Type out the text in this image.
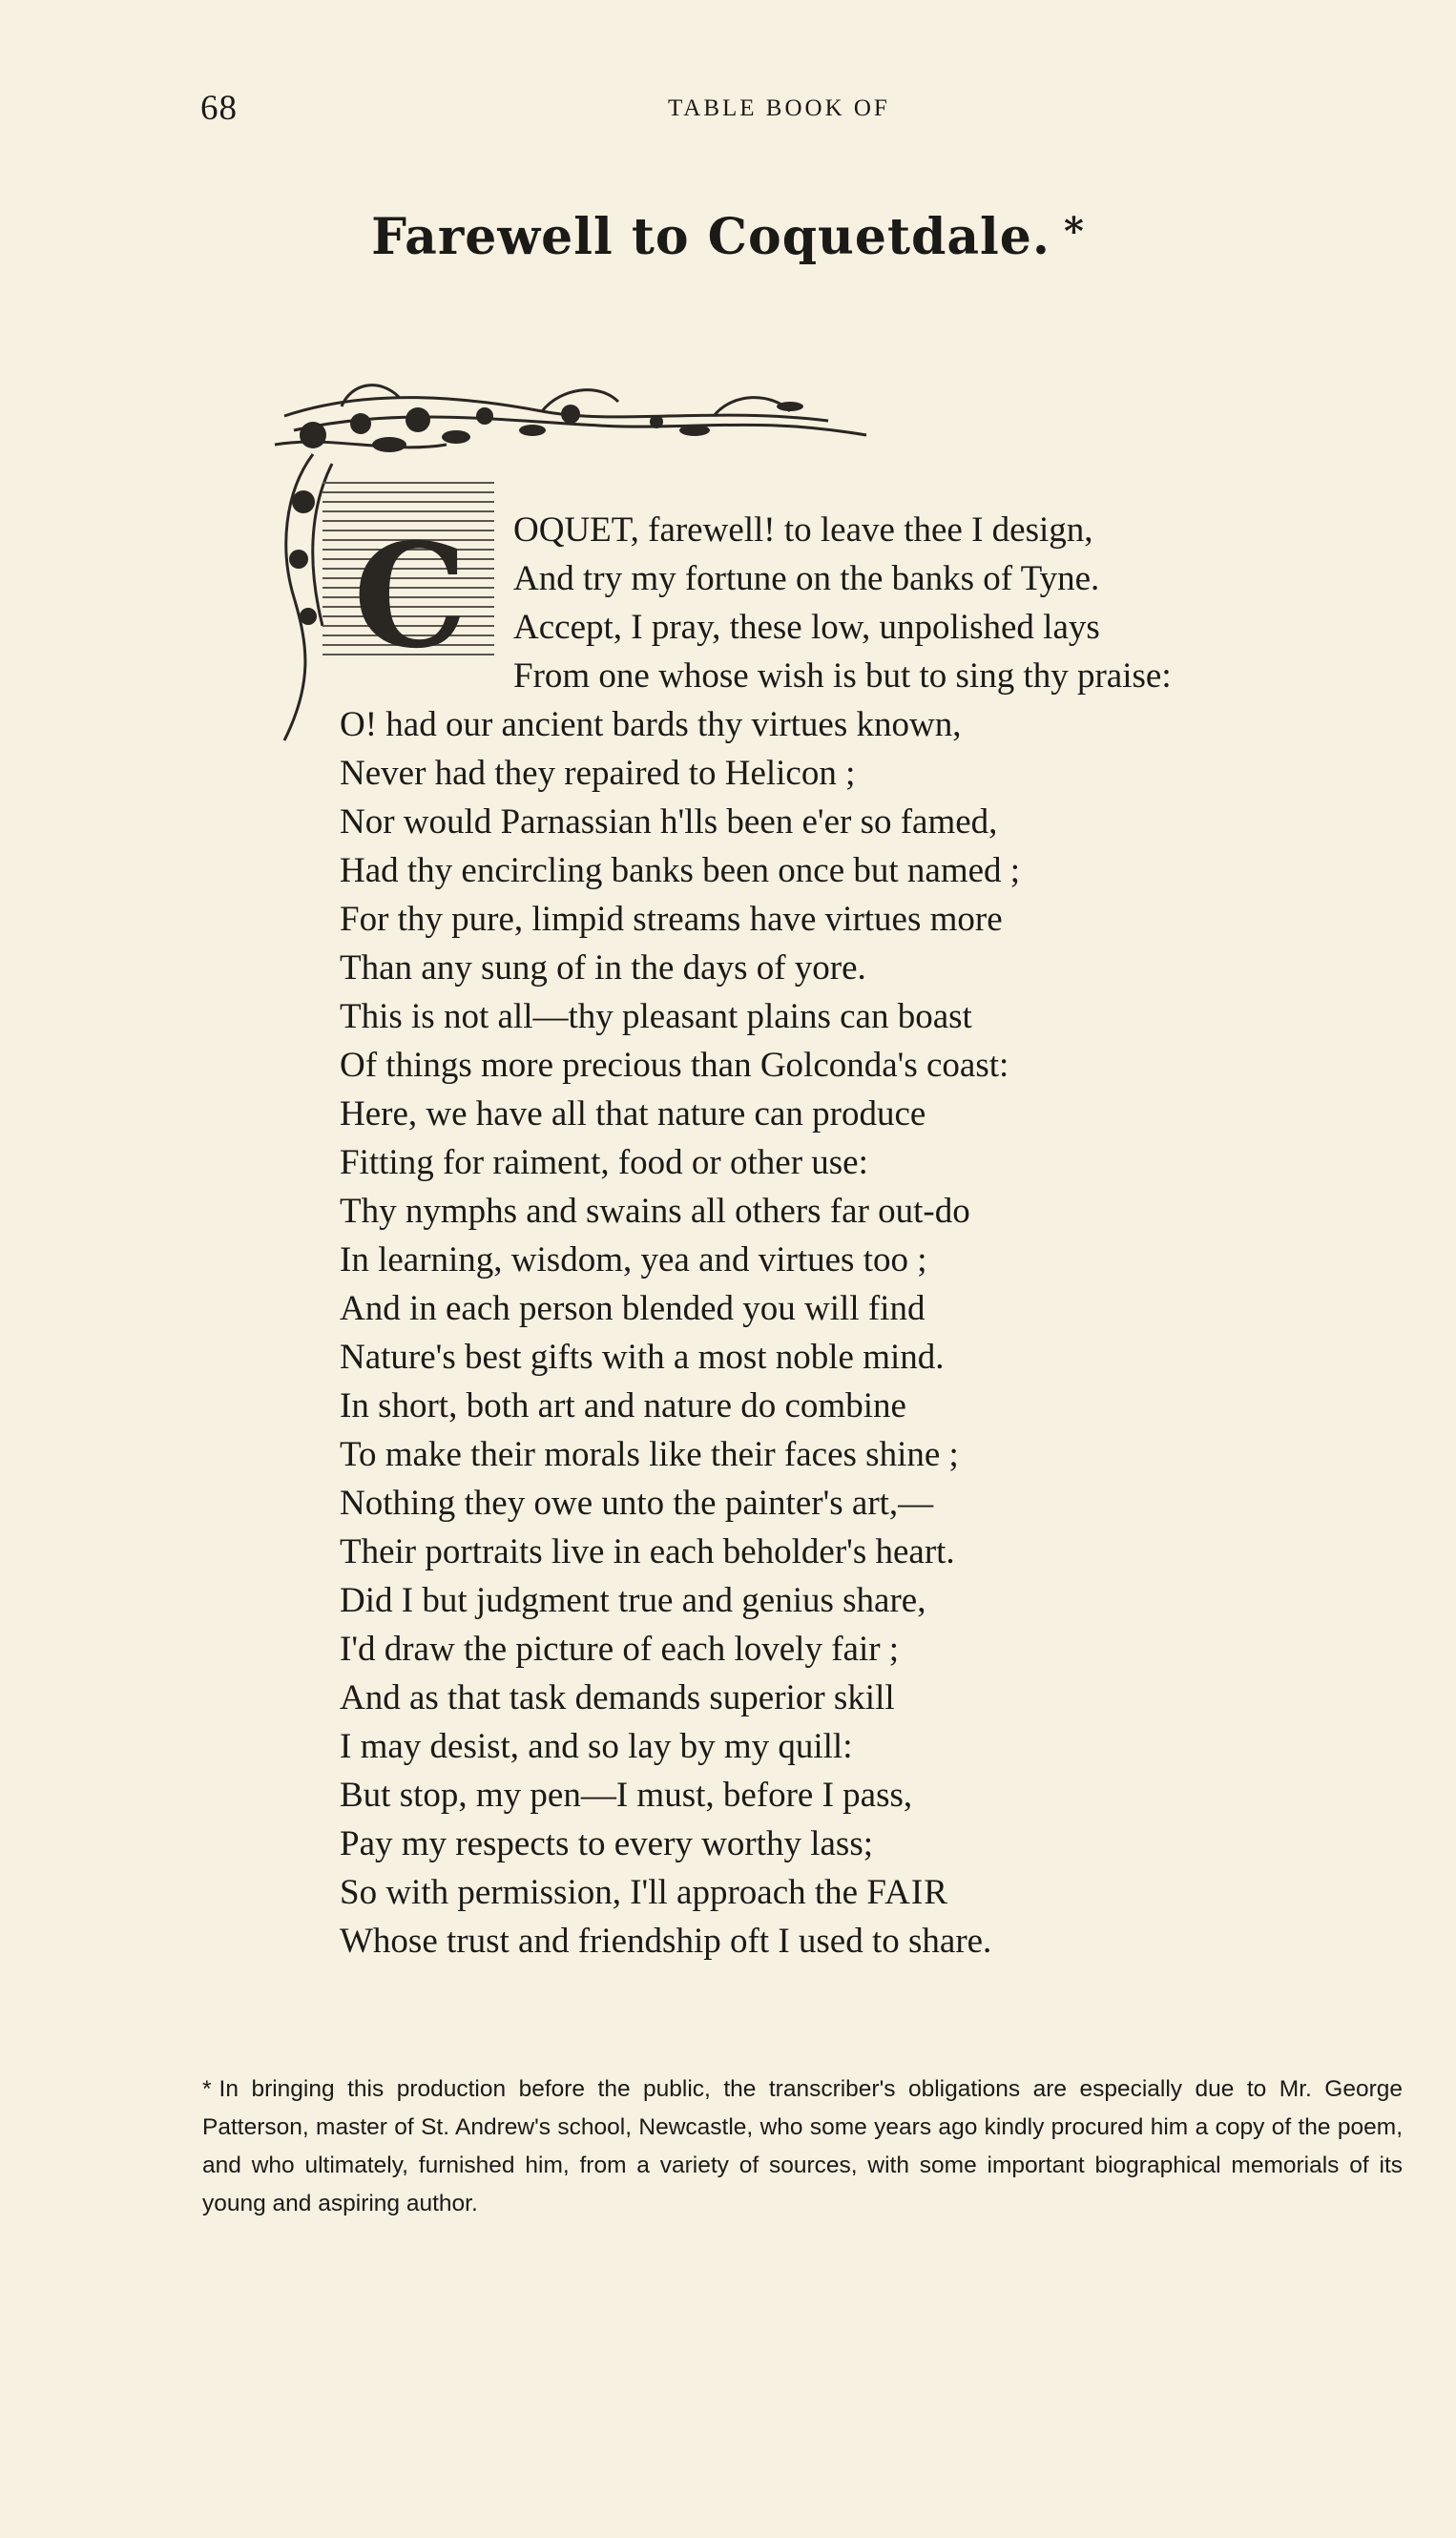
68	TABLE BOOK OF
Farewell to Coquetdale. *
C	OQUET, farewell! to leave thee I design,
And try my fortune on the banks of Tyne.
Accept, I pray, these low, unpolished lays
From one whose wish is but to sing thy praise:
O! had our ancient bards thy virtues known,
Never had they repaired to Helicon ;
Nor would Parnassian h'lls been e'er so famed,
Had thy encircling banks been once but named ;
For thy pure, limpid streams have virtues more
Than any sung of in the days of yore.
This is not all—thy pleasant plains can boast
Of things more precious than Golconda's coast:
Here, we have all that nature can produce
Fitting for raiment, food or other use:
Thy nymphs and swains all others far out-do
In learning, wisdom, yea and virtues too ;
And in each person blended you will find
Nature's best gifts with a most noble mind.
In short, both art and nature do combine
To make their morals like their faces shine ;
Nothing they owe unto the painter's art,—
Their portraits live in each beholder's heart.
Did I but judgment true and genius share,
I'd draw the picture of each lovely fair ;
And as that task demands superior skill
I may desist, and so lay by my quill:
But stop, my pen—I must, before I pass,
Pay my respects to every worthy lass;
So with permission, I'll approach the FAIR
Whose trust and friendship oft I used to share.
* In bringing this production before the public, the transcriber's obligations are especially due to Mr. George Patterson, master of St. Andrew's school, Newcastle, who some years ago kindly procured him a copy of the poem, and who ultimately, furnished him, from a variety of sources, with some important biographical memorials of its young and aspiring author.
